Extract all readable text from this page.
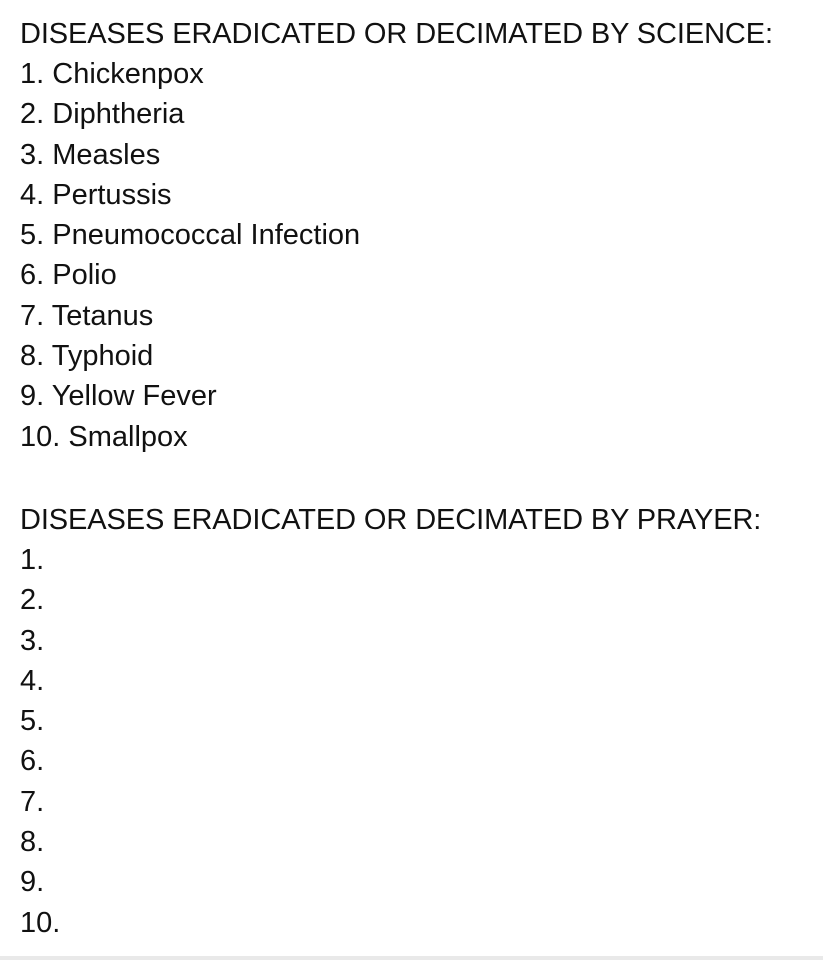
DISEASES ERADICATED OR DECIMATED BY SCIENCE:
1. Chickenpox
2. Diphtheria
3. Measles
4. Pertussis
5. Pneumococcal Infection
6. Polio
7. Tetanus
8. Typhoid
9. Yellow Fever
10. Smallpox
DISEASES ERADICATED OR DECIMATED BY PRAYER:
1.
2.
3.
4.
5.
6.
7.
8.
9.
10.
